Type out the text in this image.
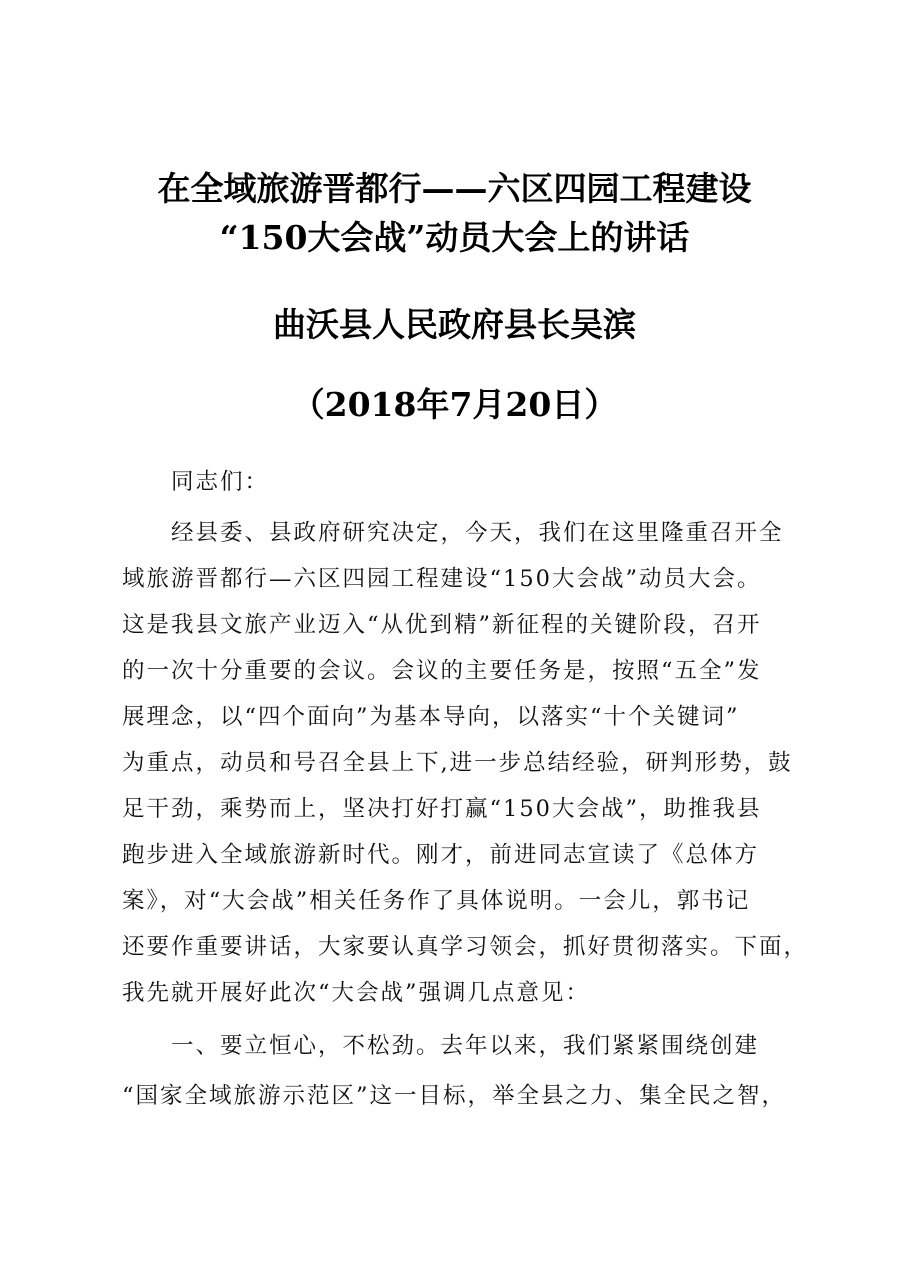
在全域旅游晋都行——六区四园工程建设
“150大会战”动员大会上的讲话
曲沃县人民政府县长吴滨
（2018年7月20日）
同志们：
经县委、县政府研究决定，今天，我们在这里隆重召开全
域旅游晋都行—六区四园工程建设“150大会战”动员大会。
这是我县文旅产业迈入“从优到精”新征程的关键阶段，召开
的一次十分重要的会议。会议的主要任务是，按照“五全”发
展理念，以“四个面向”为基本导向，以落实“十个关键词”
为重点，动员和号召全县上下,进一步总结经验，研判形势，鼓
足干劲，乘势而上，坚决打好打赢“150大会战”，助推我县
跑步进入全域旅游新时代。刚才，前进同志宣读了《总体方
案》，对“大会战”相关任务作了具体说明。一会儿，郭书记
还要作重要讲话，大家要认真学习领会，抓好贯彻落实。下面，
我先就开展好此次“大会战”强调几点意见：
一、要立恒心，不松劲。去年以来，我们紧紧围绕创建
“国家全域旅游示范区”这一目标，举全县之力、集全民之智，
